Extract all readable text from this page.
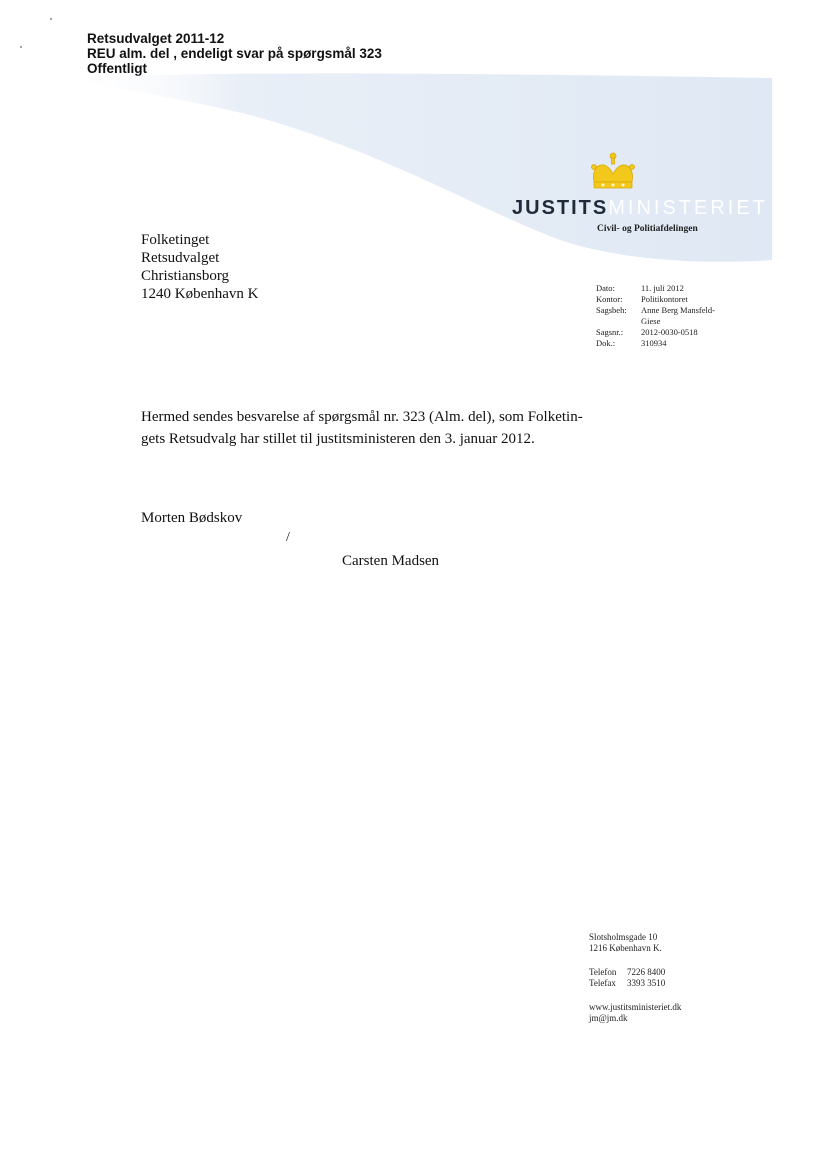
Retsudvalget 2011-12
REU alm. del , endeligt svar på spørgsmål 323
Offentligt
JUSTITSMINISTERIET
Civil- og Politiafdelingen
Folketinget
Retsudvalget
Christiansborg
1240 København K	Dato:	11. juli 2012
Kontor:	Politikontoret
Sagsbeh:	Anne Berg Mansfeld-
	Giese
Sagsnr.:	2012-0030-0518
Dok.:	310934
Hermed sendes besvarelse af spørgsmål nr. 323 (Alm. del), som Folketin-
gets Retsudvalg har stillet til justitsministeren den 3. januar 2012.
Morten Bødskov
/
Carsten Madsen
Slotsholmsgade 10
1216 København K.
Telefon	7226 8400
Telefax	3393 3510
www.justitsministeriet.dk
jm@jm.dk
